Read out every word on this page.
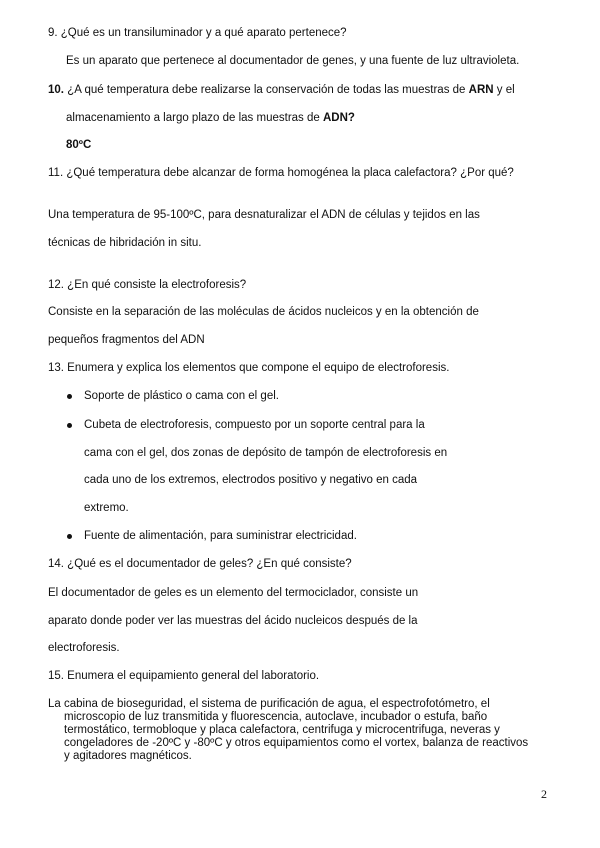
9. ¿Qué es un transiluminador y a qué aparato pertenece?
Es un aparato que pertenece al documentador de genes, y una fuente de luz ultravioleta.
10. ¿A qué temperatura debe realizarse la conservación de todas las muestras de ARN y el
almacenamiento a largo plazo de las muestras de ADN?
80ºC
11. ¿Qué temperatura debe alcanzar de forma homogénea la placa calefactora? ¿Por qué?
Una temperatura de 95-100ºC, para desnaturalizar el ADN de células y tejidos en las
técnicas de hibridación in situ.
12. ¿En qué consiste la electroforesis?
Consiste en la separación de las moléculas de ácidos nucleicos y en la obtención de
pequeños fragmentos del ADN
13. Enumera y explica los elementos que compone el equipo de electroforesis.
Soporte de plástico o cama con el gel.
Cubeta de electroforesis, compuesto por un soporte central para la
cama con el gel, dos zonas de depósito de tampón de electroforesis en
cada uno de los extremos, electrodos positivo y negativo en cada
extremo.
Fuente de alimentación, para suministrar electricidad.
14. ¿Qué es el documentador de geles? ¿En qué consiste?
El documentador de geles es un elemento del termociclador, consiste un
aparato donde poder ver las muestras del ácido nucleicos después de la
electroforesis.
15. Enumera el equipamiento general del laboratorio.
La cabina de bioseguridad, el sistema de purificación de agua, el espectrofotómetro, el
microscopio de luz transmitida y fluorescencia, autoclave, incubador o estufa, baño
termostático, termobloque y placa calefactora, centrifuga y microcentrifuga, neveras y
congeladores de -20ºC y -80ºC y otros equipamientos como el vortex, balanza de reactivos
y agitadores magnéticos.
2
